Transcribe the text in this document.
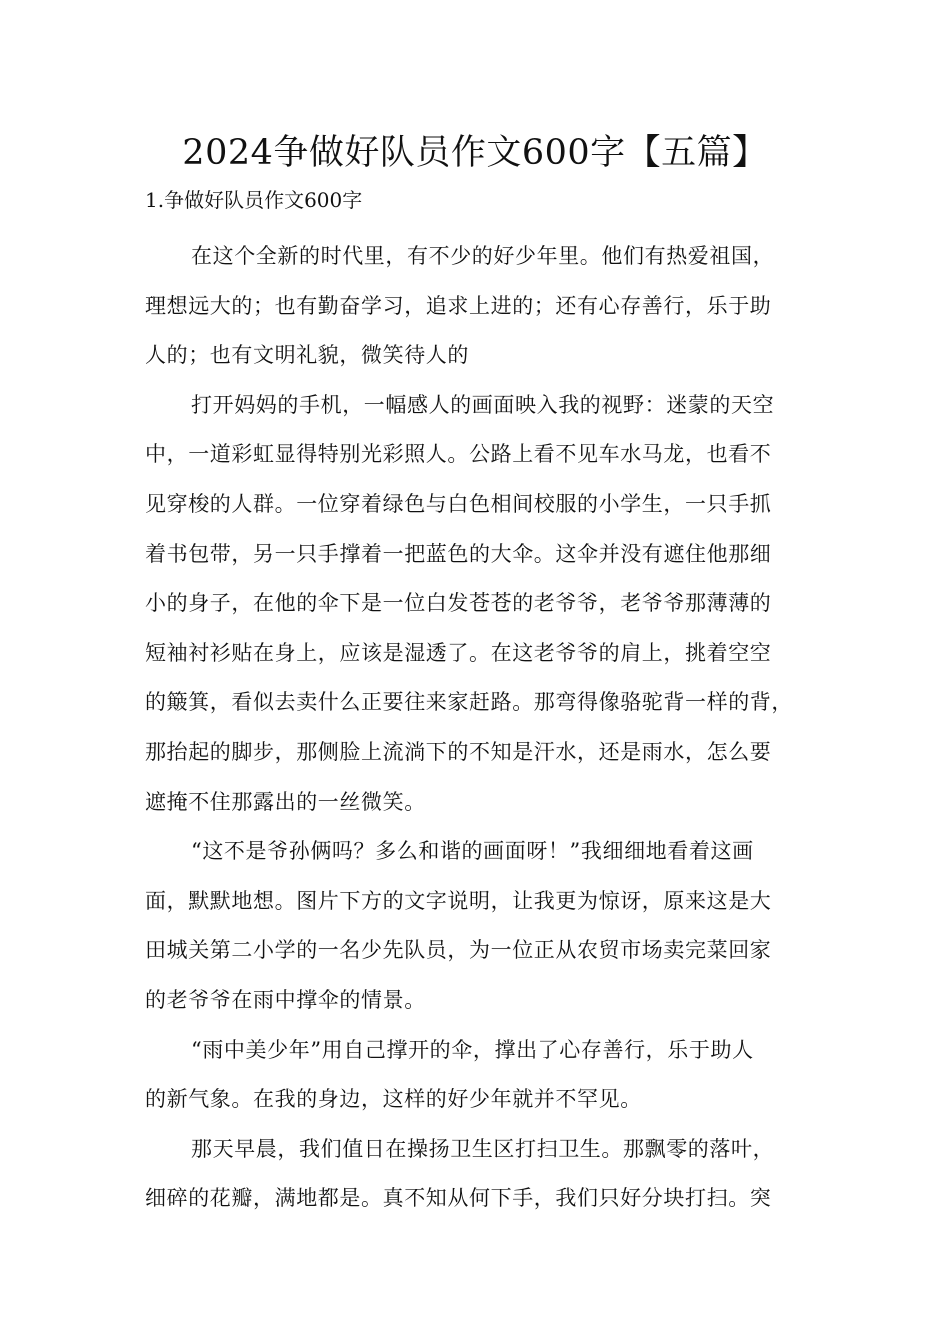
2024争做好队员作文600字【五篇】
1.争做好队员作文600字
在这个全新的时代里，有不少的好少年里。他们有热爱祖国，
理想远大的；也有勤奋学习，追求上进的；还有心存善行，乐于助
人的；也有文明礼貌，微笑待人的
打开妈妈的手机，一幅感人的画面映入我的视野：迷蒙的天空
中，一道彩虹显得特别光彩照人。公路上看不见车水马龙，也看不
见穿梭的人群。一位穿着绿色与白色相间校服的小学生，一只手抓
着书包带，另一只手撑着一把蓝色的大伞。这伞并没有遮住他那细
小的身子，在他的伞下是一位白发苍苍的老爷爷，老爷爷那薄薄的
短袖衬衫贴在身上，应该是湿透了。在这老爷爷的肩上，挑着空空
的簸箕，看似去卖什么正要往来家赶路。那弯得像骆驼背一样的背，
那抬起的脚步，那侧脸上流淌下的不知是汗水，还是雨水，怎么要
遮掩不住那露出的一丝微笑。
“这不是爷孙俩吗？多么和谐的画面呀！”我细细地看着这画
面，默默地想。图片下方的文字说明，让我更为惊讶，原来这是大
田城关第二小学的一名少先队员，为一位正从农贸市场卖完菜回家
的老爷爷在雨中撑伞的情景。
“雨中美少年”用自己撑开的伞，撑出了心存善行，乐于助人
的新气象。在我的身边，这样的好少年就并不罕见。
那天早晨，我们值日在操扬卫生区打扫卫生。那飘零的落叶，
细碎的花瓣，满地都是。真不知从何下手，我们只好分块打扫。突
